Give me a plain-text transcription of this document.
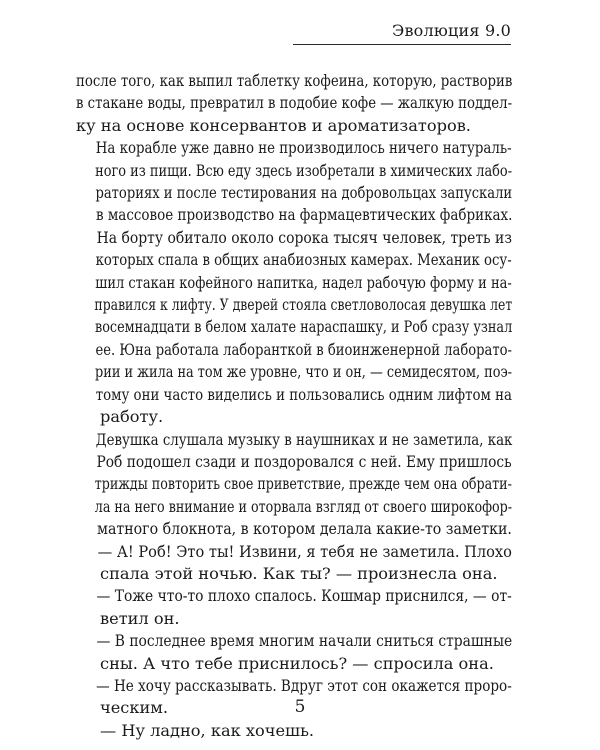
Эволюция 9.0
после того, как выпил таблетку кофеина, которую, растворив
в стакане воды, превратил в подобие кофе — жалкую поддел-
ку на основе консервантов и ароматизаторов.
На корабле уже давно не производилось ничего натураль-
ного из пищи. Всю еду здесь изобретали в химических лабо-
раториях и после тестирования на добровольцах запускали
в массовое производство на фармацевтических фабриках.
На борту обитало около сорока тысяч человек, треть из
которых спала в общих анабиозных камерах. Механик осу-
шил стакан кофейного напитка, надел рабочую форму и на-
правился к лифту. У дверей стояла светловолосая девушка лет
восемнадцати в белом халате нараспашку, и Роб сразу узнал
ее. Юна работала лаборанткой в биоинженерной лаборато-
рии и жила на том же уровне, что и он, — семидесятом, поэ-
тому они часто виделись и пользовались одним лифтом на
работу.
Девушка слушала музыку в наушниках и не заметила, как
Роб подошел сзади и поздоровался с ней. Ему пришлось
трижды повторить свое приветствие, прежде чем она обрати-
ла на него внимание и оторвала взгляд от своего широкофор-
матного блокнота, в котором делала какие-то заметки.
— А! Роб! Это ты! Извини, я тебя не заметила. Плохо
спала этой ночью. Как ты? — произнесла она.
— Тоже что-то плохо спалось. Кошмар приснился, — от-
ветил он.
— В последнее время многим начали сниться страшные
сны. А что тебе приснилось? — спросила она.
— Не хочу рассказывать. Вдруг этот сон окажется проро-
ческим.
— Ну ладно, как хочешь.
5
